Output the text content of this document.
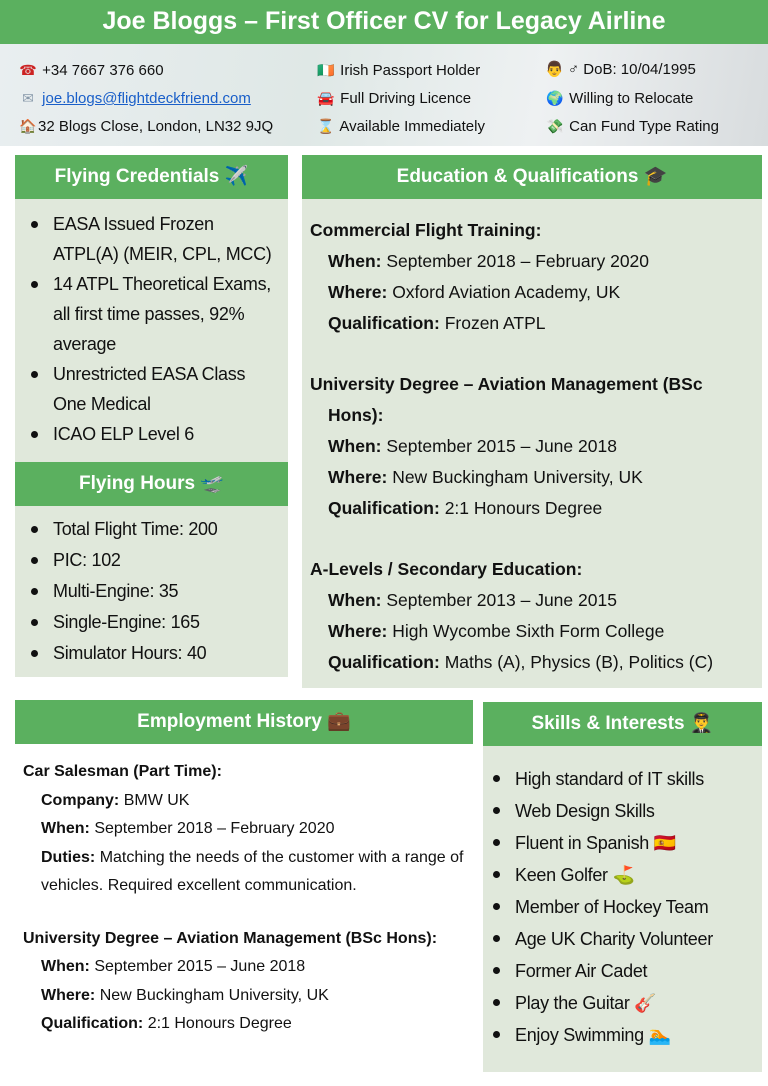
Joe Bloggs – First Officer CV for Legacy Airline
☎ +34 7667 376 660
✉ joe.blogs@flightdeckfriend.com
🏠32 Blogs Close, London, LN32 9JQ
🇮🇪 Irish Passport Holder
🚘 Full Driving Licence
⌛ Available Immediately
👨 ♂ DoB: 10/04/1995
🌍 Willing to Relocate
💸 Can Fund Type Rating
Flying Credentials ✈️
EASA Issued Frozen ATPL(A) (MEIR, CPL, MCC)
14 ATPL Theoretical Exams, all first time passes, 92% average
Unrestricted EASA Class One Medical
ICAO ELP Level 6
Flying Hours 🛫
Total Flight Time: 200
PIC: 102
Multi-Engine: 35
Single-Engine: 165
Simulator Hours: 40
Education & Qualifications 🎓
Commercial Flight Training:
When: September 2018 – February 2020
Where: Oxford Aviation Academy, UK
Qualification: Frozen ATPL
University Degree – Aviation Management (BSc Hons):
When: September 2015 – June 2018
Where: New Buckingham University, UK
Qualification: 2:1 Honours Degree
A-Levels / Secondary Education:
When: September 2013 – June 2015
Where: High Wycombe Sixth Form College
Qualification: Maths (A), Physics (B), Politics (C)
Employment History 💼
Car Salesman (Part Time):
Company: BMW UK
When: September 2018 – February 2020
Duties: Matching the needs of the customer with a range of vehicles. Required excellent communication.
University Degree – Aviation Management (BSc Hons):
When: September 2015 – June 2018
Where: New Buckingham University, UK
Qualification: 2:1 Honours Degree
Skills & Interests 👨‍✈️
High standard of IT skills
Web Design Skills
Fluent in Spanish 🇪🇸
Keen Golfer ⛳
Member of Hockey Team
Age UK Charity Volunteer
Former Air Cadet
Play the Guitar 🎸
Enjoy Swimming 🏊
